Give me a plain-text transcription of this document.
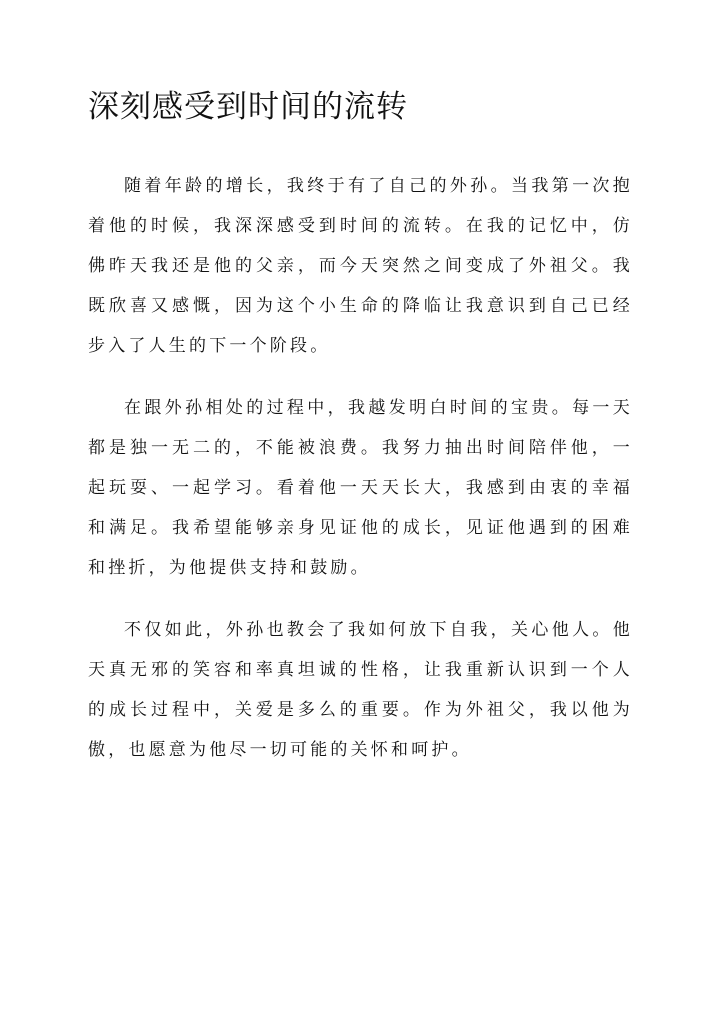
深刻感受到时间的流转

随着年龄的增长，我终于有了自己的外孙。当我第一次抱着他的时候，我深深感受到时间的流转。在我的记忆中，仿佛昨天我还是他的父亲，而今天突然之间变成了外祖父。我既欣喜又感慨，因为这个小生命的降临让我意识到自己已经步入了人生的下一个阶段。

在跟外孙相处的过程中，我越发明白时间的宝贵。每一天都是独一无二的，不能被浪费。我努力抽出时间陪伴他，一起玩耍、一起学习。看着他一天天长大，我感到由衷的幸福和满足。我希望能够亲身见证他的成长，见证他遇到的困难和挫折，为他提供支持和鼓励。

不仅如此，外孙也教会了我如何放下自我，关心他人。他天真无邪的笑容和率真坦诚的性格，让我重新认识到一个人的成长过程中，关爱是多么的重要。作为外祖父，我以他为傲，也愿意为他尽一切可能的关怀和呵护。
